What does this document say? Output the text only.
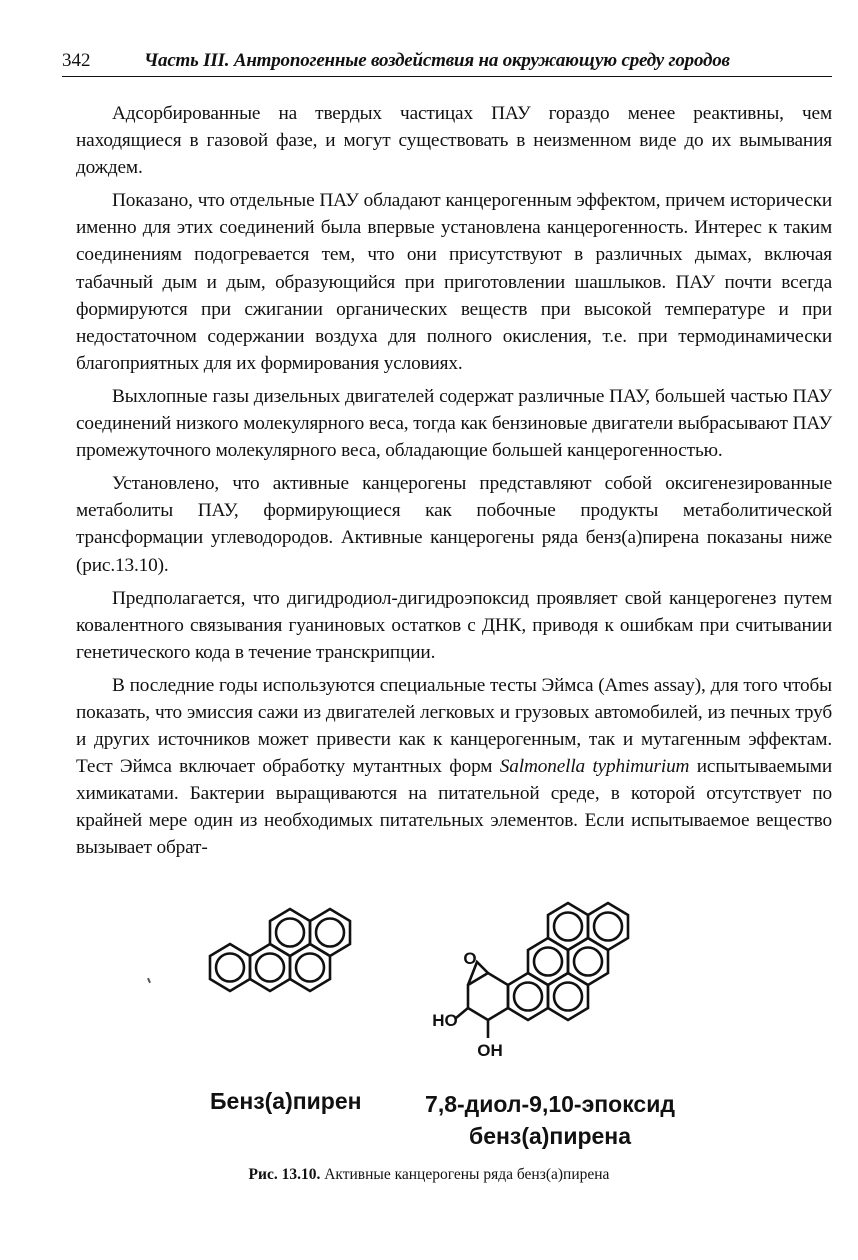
342	Часть III. Антропогенные воздействия на окружающую среду городов

Адсорбированные на твердых частицах ПАУ гораздо менее реактивны, чем находящиеся в газовой фазе, и могут существовать в неизменном виде до их вымывания дождем.

Показано, что отдельные ПАУ обладают канцерогенным эффектом, причем исторически именно для этих соединений была впервые установлена канцерогенность. Интерес к таким соединениям подогревается тем, что они присутствуют в различных дымах, включая табачный дым и дым, образующийся при приготовлении шашлыков. ПАУ почти всегда формируются при сжигании органических веществ при высокой температуре и при недостаточном содержании воздуха для полного окисления, т.е. при термодинамически благоприятных для их формирования условиях.

Выхлопные газы дизельных двигателей содержат различные ПАУ, большей частью ПАУ соединений низкого молекулярного веса, тогда как бензиновые двигатели выбрасывают ПАУ промежуточного молекулярного веса, обладающие большей канцерогенностью.

Установлено, что активные канцерогены представляют собой оксигенезированные метаболиты ПАУ, формирующиеся как побочные продукты метаболитической трансформации углеводородов. Активные канцерогены ряда бенз(а)пирена показаны ниже (рис.13.10).

Предполагается, что дигидродиол-дигидроэпоксид проявляет свой канцерогенез путем ковалентного связывания гуаниновых остатков с ДНК, приводя к ошибкам при считывании генетического кода в течение транскрипции.

В последние годы используются специальные тесты Эймса (Ames assay), для того чтобы показать, что эмиссия сажи из двигателей легковых и грузовых автомобилей, из печных труб и других источников может привести как к канцерогенным, так и мутагенным эффектам. Тест Эймса включает обработку мутантных форм Salmonella typhimurium испытываемыми химикатами. Бактерии выращиваются на питательной среде, в которой отсутствует по крайней мере один из необходимых питательных элементов. Если испытываемое вещество вызывает обрат-

O
HO
OH
Бенз(а)пирен	7,8-диол-9,10-эпоксид
бенз(а)пирена
Рис. 13.10. Активные канцерогены ряда бенз(а)пирена
